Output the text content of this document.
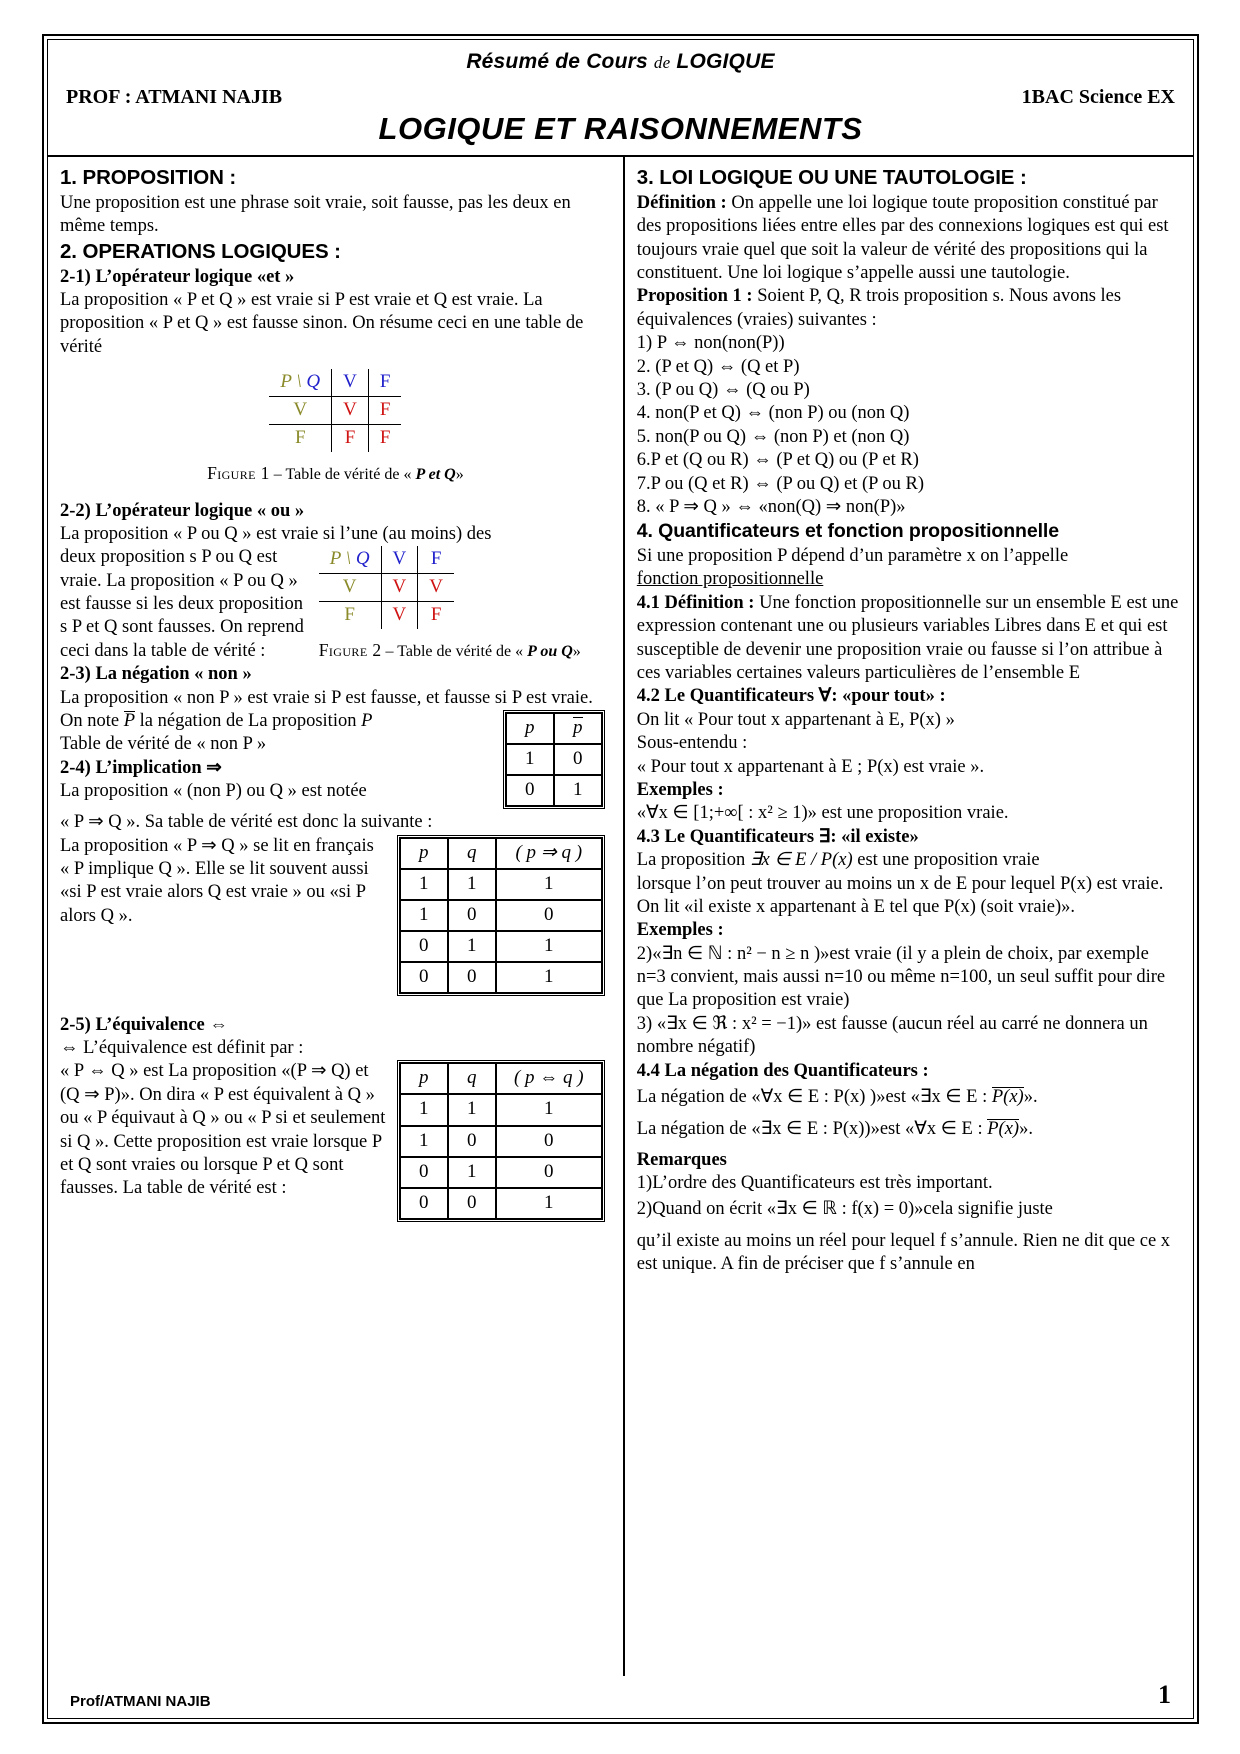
Résumé de Cours de LOGIQUE
PROF : ATMANI NAJIB	1BAC Science EX
LOGIQUE ET RAISONNEMENTS
1. PROPOSITION :

Une proposition est une phrase soit vraie, soit fausse, pas les deux en même temps.

2. OPERATIONS LOGIQUES :

2-1) L’opérateur logique «et »

La proposition « P et Q » est vraie si P est vraie et Q est vraie. La proposition « P et Q » est fausse sinon. On résume ceci en une table de vérité

P \ Q	V	F
V	V	F
F	F	F
Figure 1 – Table de vérité de « P et Q»

2-2) L’opérateur logique « ou »

La proposition « P ou Q » est vraie si l’une (au moins) des

P \ Q	V	F
V	V	V
F	V	F
Figure 2 – Table de vérité de « P ou Q»

deux proposition s P ou Q est vraie. La proposition « P ou Q » est fausse si les deux proposition s P et Q sont fausses. On reprend ceci dans la table de vérité :

2-3) La négation « non »

La proposition « non P » est vraie si P est fausse, et fausse si P est vraie.

p	p
1	0
0	1

On note P la négation de La proposition P

Table de vérité de « non P »

2-4) L’implication ⇒

La proposition « (non P) ou Q » est notée

« P ⇒ Q ». Sa table de vérité est donc la suivante :

p	q	( p ⇒ q )
1	1	1
1	0	0
0	1	1
0	0	1

La proposition « P ⇒ Q » se lit en français

« P implique Q ». Elle se lit souvent aussi «si P est vraie alors Q est vraie » ou «si P alors Q ».

2-5) L’équivalence ⇔

⇔ L’équivalence est définit par :

p	q	( p ⇔ q )
1	1	1
1	0	0
0	1	0
0	0	1

« P ⇔ Q » est La proposition «(P ⇒ Q) et (Q ⇒ P)». On dira « P est équivalent à Q » ou « P équivaut à Q » ou « P si et seulement si Q ». Cette proposition est vraie lorsque P et Q sont vraies ou lorsque P et Q sont fausses. La table de vérité est :

3. LOI LOGIQUE OU UNE TAUTOLOGIE :

Définition : On appelle une loi logique toute proposition constitué par des propositions liées entre elles par des connexions logiques est qui est toujours vraie quel que soit la valeur de vérité des propositions qui la constituent. Une loi logique s’appelle aussi une tautologie.

Proposition 1 : Soient P, Q, R trois proposition s. Nous avons les équivalences (vraies) suivantes :

1) P ⇔ non(non(P))

2. (P et Q) ⇔ (Q et P)

3. (P ou Q) ⇔ (Q ou P)

4. non(P et Q) ⇔ (non P) ou (non Q)

5. non(P ou Q) ⇔ (non P) et (non Q)

6.P et (Q ou R) ⇔ (P et Q) ou (P et R)

7.P ou (Q et R) ⇔ (P ou Q) et (P ou R)

8. « P ⇒ Q » ⇔ «non(Q) ⇒ non(P)»

4. Quantificateurs et fonction propositionnelle

Si une proposition P dépend d’un paramètre x on l’appelle

fonction propositionnelle

4.1 Définition : Une fonction propositionnelle sur un ensemble E est une expression contenant une ou plusieurs variables Libres dans E et qui est susceptible de devenir une proposition vraie ou fausse si l’on attribue à ces variables certaines valeurs particulières de l’ensemble E

4.2 Le Quantificateurs ∀: «pour tout» :

On lit « Pour tout x appartenant à E, P(x) »

Sous-entendu :

« Pour tout x appartenant à E ; P(x) est vraie ».

Exemples :

«∀x ∈ [1;+∞[ : x² ≥ 1)» est une proposition vraie.

4.3 Le Quantificateurs ∃: «il existe»

La proposition ∃x ∈ E / P(x) est une proposition vraie

lorsque l’on peut trouver au moins un x de E pour lequel P(x) est vraie. On lit «il existe x appartenant à E tel que P(x) (soit vraie)».

Exemples :

2)«∃n ∈ ℕ : n² − n ≥ n )»est vraie (il y a plein de choix, par exemple n=3 convient, mais aussi n=10 ou même n=100, un seul suffit pour dire que La proposition est vraie)

3) «∃x ∈ ℜ : x² = −1)» est fausse (aucun réel au carré ne donnera un nombre négatif)

4.4 La négation des Quantificateurs :

La négation de «∀x ∈ E : P(x) )»est «∃x ∈ E : P(x)».

La négation de «∃x ∈ E : P(x))»est «∀x ∈ E : P(x)».

Remarques

1)L’ordre des Quantificateurs est très important.

2)Quand on écrit «∃x ∈ ℝ : f(x) = 0)»cela signifie juste

qu’il existe au moins un réel pour lequel f s’annule. Rien ne dit que ce x est unique. A fin de préciser que f s’annule en

Prof/ATMANI NAJIB	1
